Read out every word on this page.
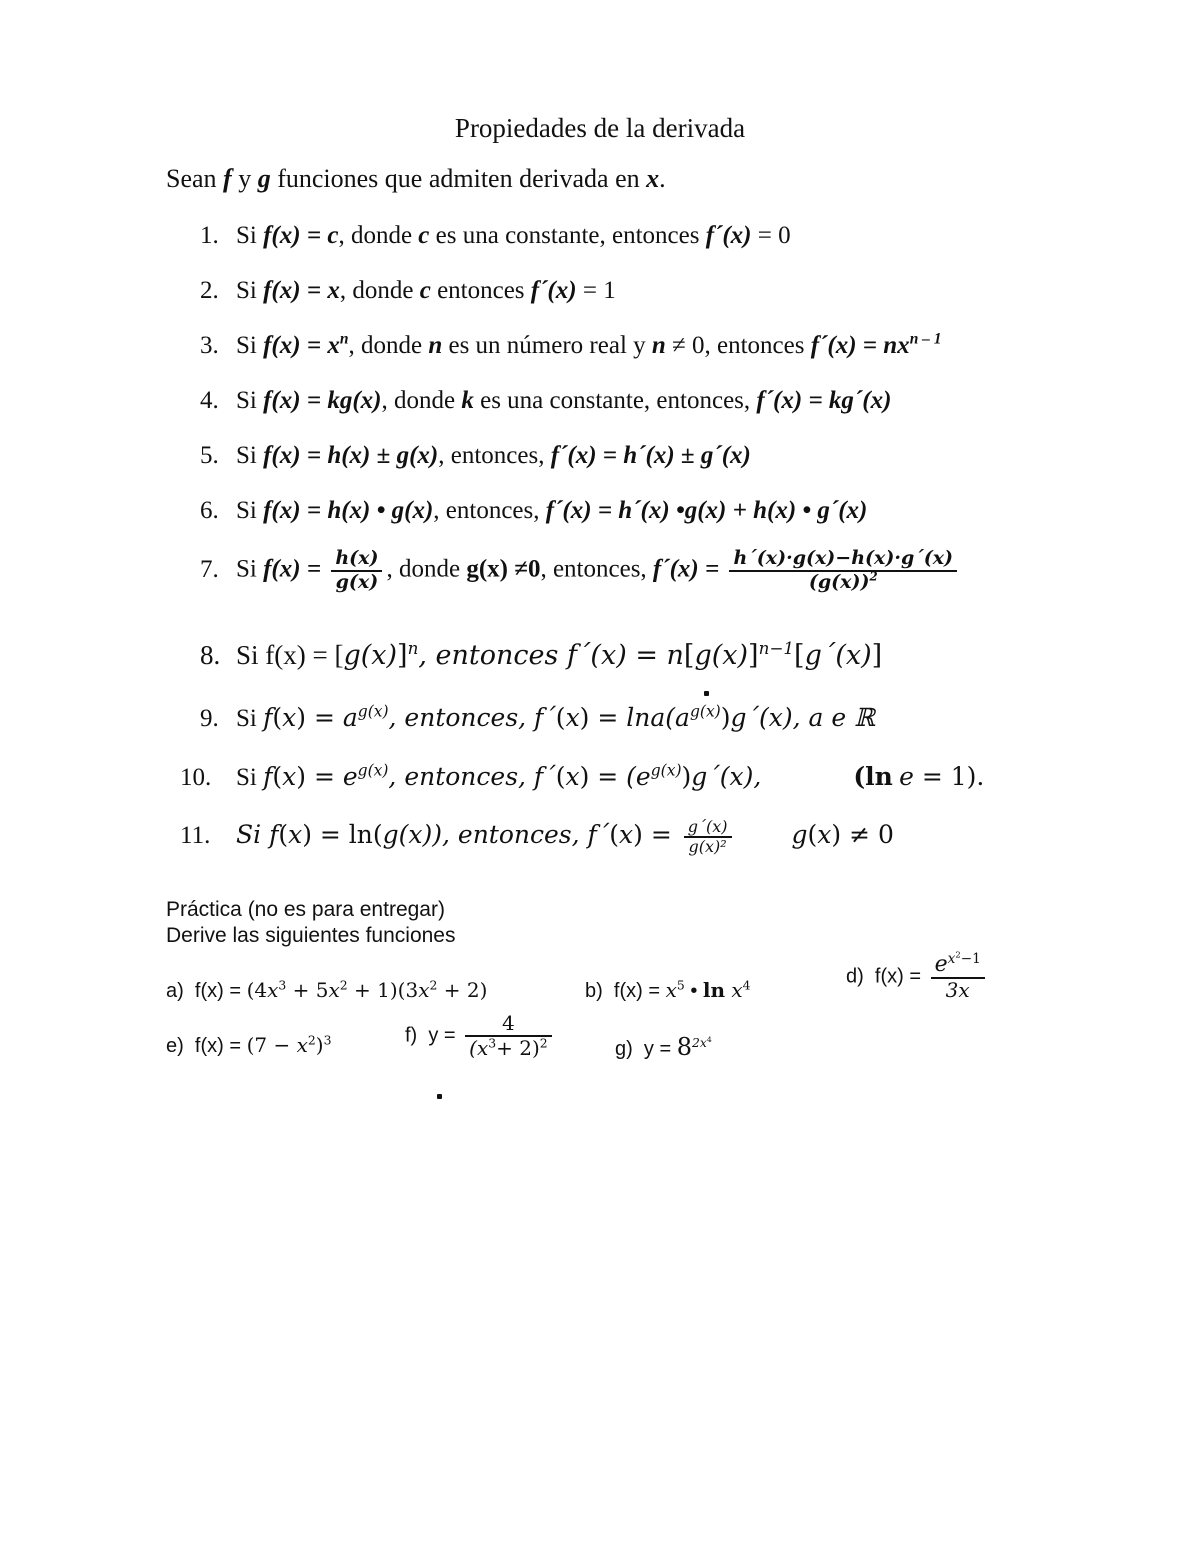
Propiedades de la derivada
Sean f y g funciones que admiten derivada en x.
1. Si f(x) = c, donde c es una constante, entonces f´(x) = 0
2. Si f(x) = x, donde c entonces f´(x) = 1
3. Si $f(x) = x^n$, donde n es un número real y n ≠ 0, entonces f´(x) = $nx^{n - 1}$
4. Si f(x) = kg(x), donde k es una constante, entonces, f´(x) = kg´(x)
5. Si f(x) = h(x) ± g(x), entonces, f´(x) = h´(x) ± g´(x)
6. Si f(x) = h(x) • g(x), entonces, f´(x) = h´(x) •g(x) + h(x) • g´(x)
7. Si $f(x) = \frac{h(x)}{g(x)}$ , donde g(x) ≠0, entonces, f´(x) = $\frac{h´(x)\cdot g(x)-h(x)\cdot g´(x)}{(g(x))^2}$
8. Si $f(x) = [g(x)]^n$, entonces f´(x) = $n[g(x)]^{n-1}[g´(x)]$
9. Si $f(x) = a^{g(x)}$, entonces, f´(x) = $\ln a(a^{g(x)})g´(x)$, a e ℝ
10. Si $f(x) = e^{g(x)}$, entonces, f´(x) = $(e^{g(x)})g´(x)$,	(ln e = 1).
11. Si f(x) = ln(g(x)), entonces, f´(x) = $\frac{g´(x)}{\text{g(x)²}} g(x) \ne 0$
Práctica (no es para entregar)
Derive las siguientes funciones
a) $f(x) = (4x^3 + 5x^2 + 1)(3x^2 + 2)$	b) $f(x) = x^5$ • $\ln x^4$	d) $f(x) = \frac{e^{x^2-1}}{3x}$
e) $f(x) = (7 - x^2)^3$	f) $y = \frac{4}{(x^3+ 2)^2}$	g) $y = 8^{2x^4}$
